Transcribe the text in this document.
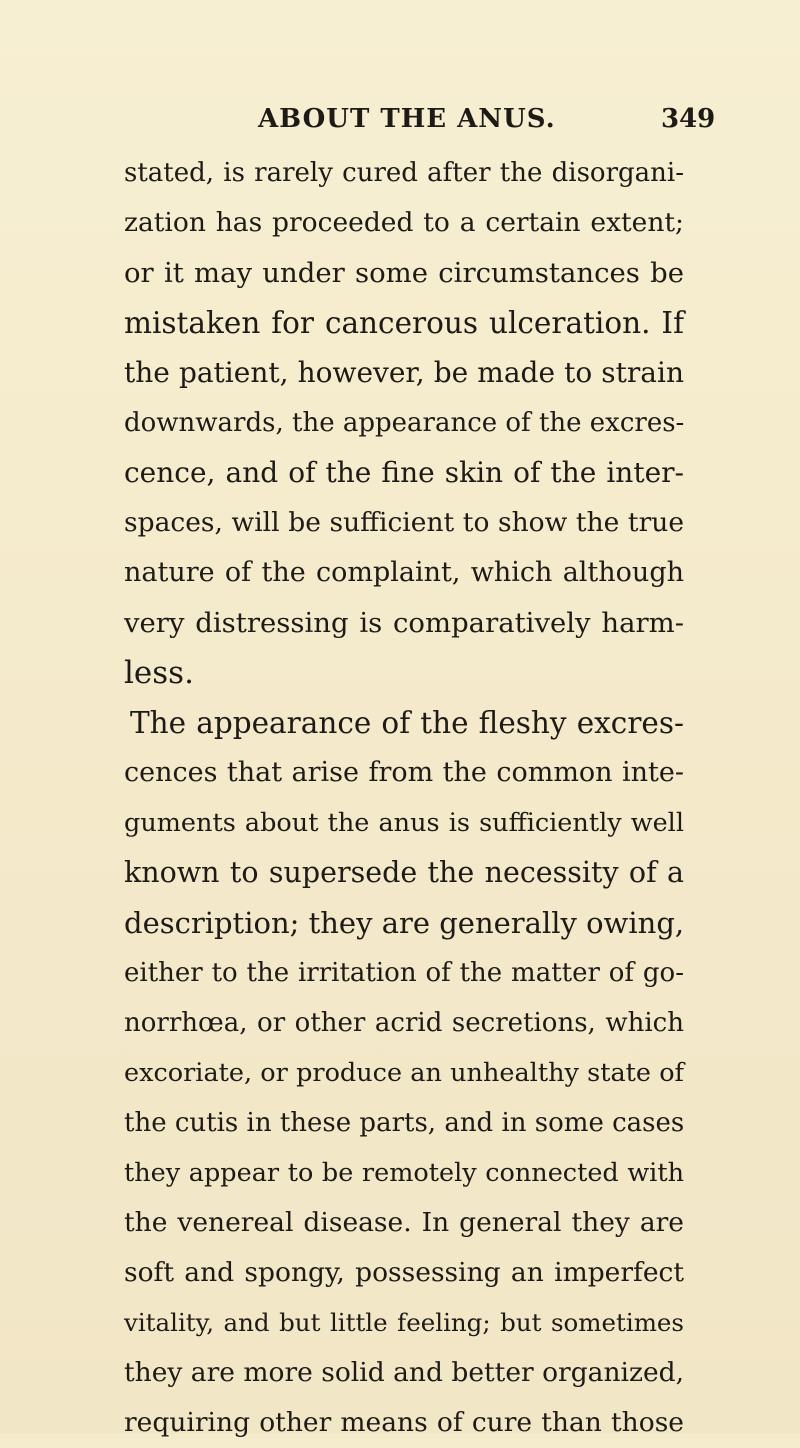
ABOUT THE ANUS.	349
stated, is rarely cured after the disorgani-
zation has proceeded to a certain extent;
or it may under some circumstances be
mistaken for cancerous ulceration. If
the patient, however, be made to strain
downwards, the appearance of the excres-
cence, and of the fine skin of the inter-
spaces, will be sufficient to show the true
nature of the complaint, which although
very distressing is comparatively harm-
less.
The appearance of the fleshy excres-
cences that arise from the common inte-
guments about the anus is sufficiently well
known to supersede the necessity of a
description; they are generally owing,
either to the irritation of the matter of go-
norrhœa, or other acrid secretions, which
excoriate, or produce an unhealthy state of
the cutis in these parts, and in some cases
they appear to be remotely connected with
the venereal disease. In general they are
soft and spongy, possessing an imperfect
vitality, and but little feeling; but sometimes
they are more solid and better organized,
requiring other means of cure than those
